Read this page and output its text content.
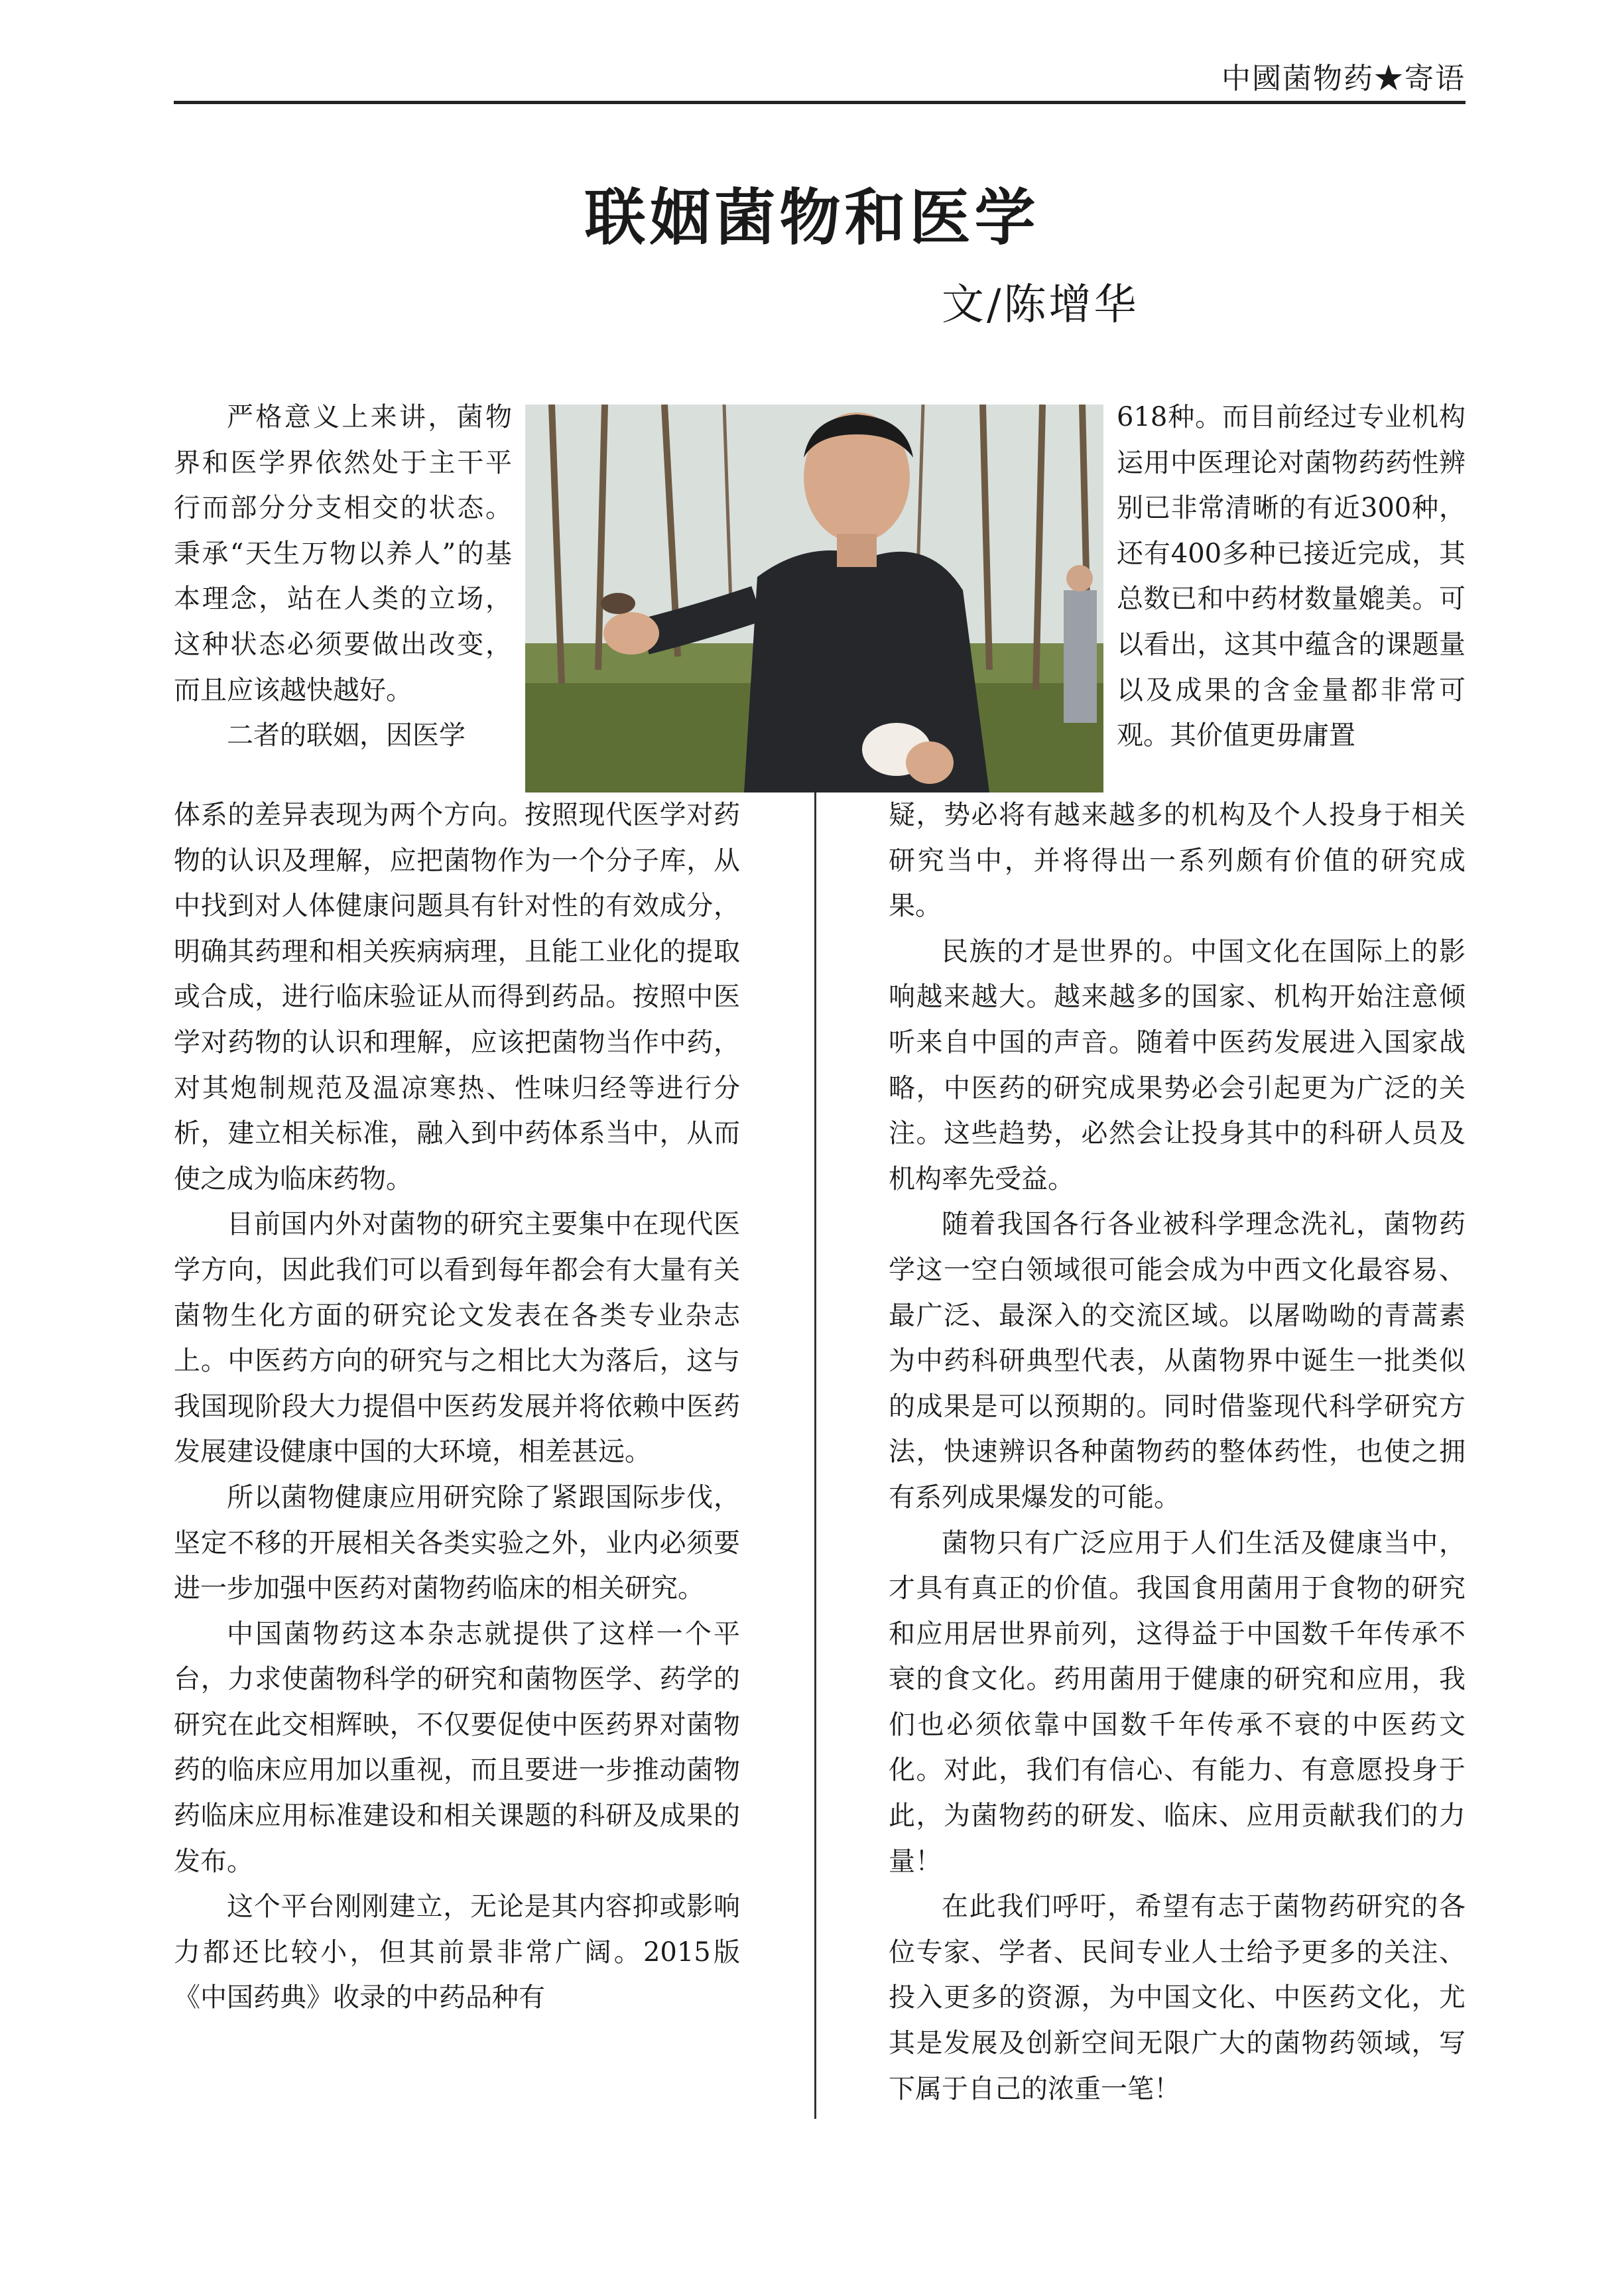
中國菌物药★寄语
联姻菌物和医学
文/陈增华

严格意义上来讲，菌物界和医学界依然处于主干平行而部分分支相交的状态。秉承“天生万物以养人”的基本理念，站在人类的立场，这种状态必须要做出改变，而且应该越快越好。

二者的联姻，因医学

618种。而目前经过专业机构运用中医理论对菌物药药性辨别已非常清晰的有近300种，还有400多种已接近完成，其总数已和中药材数量媲美。可以看出，这其中蕴含的课题量以及成果的含金量都非常可观。其价值更毋庸置

体系的差异表现为两个方向。按照现代医学对药物的认识及理解，应把菌物作为一个分子库，从中找到对人体健康问题具有针对性的有效成分，明确其药理和相关疾病病理，且能工业化的提取或合成，进行临床验证从而得到药品。按照中医学对药物的认识和理解，应该把菌物当作中药，对其炮制规范及温凉寒热、性味归经等进行分析，建立相关标准，融入到中药体系当中，从而使之成为临床药物。

目前国内外对菌物的研究主要集中在现代医学方向，因此我们可以看到每年都会有大量有关菌物生化方面的研究论文发表在各类专业杂志上。中医药方向的研究与之相比大为落后，这与我国现阶段大力提倡中医药发展并将依赖中医药发展建设健康中国的大环境，相差甚远。

所以菌物健康应用研究除了紧跟国际步伐，坚定不移的开展相关各类实验之外，业内必须要进一步加强中医药对菌物药临床的相关研究。

中国菌物药这本杂志就提供了这样一个平台，力求使菌物科学的研究和菌物医学、药学的研究在此交相辉映，不仅要促使中医药界对菌物药的临床应用加以重视，而且要进一步推动菌物药临床应用标准建设和相关课题的科研及成果的发布。

这个平台刚刚建立，无论是其内容抑或影响力都还比较小，但其前景非常广阔。2015版《中国药典》收录的中药品种有

疑，势必将有越来越多的机构及个人投身于相关研究当中，并将得出一系列颇有价值的研究成果。

民族的才是世界的。中国文化在国际上的影响越来越大。越来越多的国家、机构开始注意倾听来自中国的声音。随着中医药发展进入国家战略，中医药的研究成果势必会引起更为广泛的关注。这些趋势，必然会让投身其中的科研人员及机构率先受益。

随着我国各行各业被科学理念洗礼，菌物药学这一空白领域很可能会成为中西文化最容易、最广泛、最深入的交流区域。以屠呦呦的青蒿素为中药科研典型代表，从菌物界中诞生一批类似的成果是可以预期的。同时借鉴现代科学研究方法，快速辨识各种菌物药的整体药性，也使之拥有系列成果爆发的可能。

菌物只有广泛应用于人们生活及健康当中，才具有真正的价值。我国食用菌用于食物的研究和应用居世界前列，这得益于中国数千年传承不衰的食文化。药用菌用于健康的研究和应用，我们也必须依靠中国数千年传承不衰的中医药文化。对此，我们有信心、有能力、有意愿投身于此，为菌物药的研发、临床、应用贡献我们的力量！

在此我们呼吁，希望有志于菌物药研究的各位专家、学者、民间专业人士给予更多的关注、投入更多的资源，为中国文化、中医药文化，尤其是发展及创新空间无限广大的菌物药领域，写下属于自己的浓重一笔！
